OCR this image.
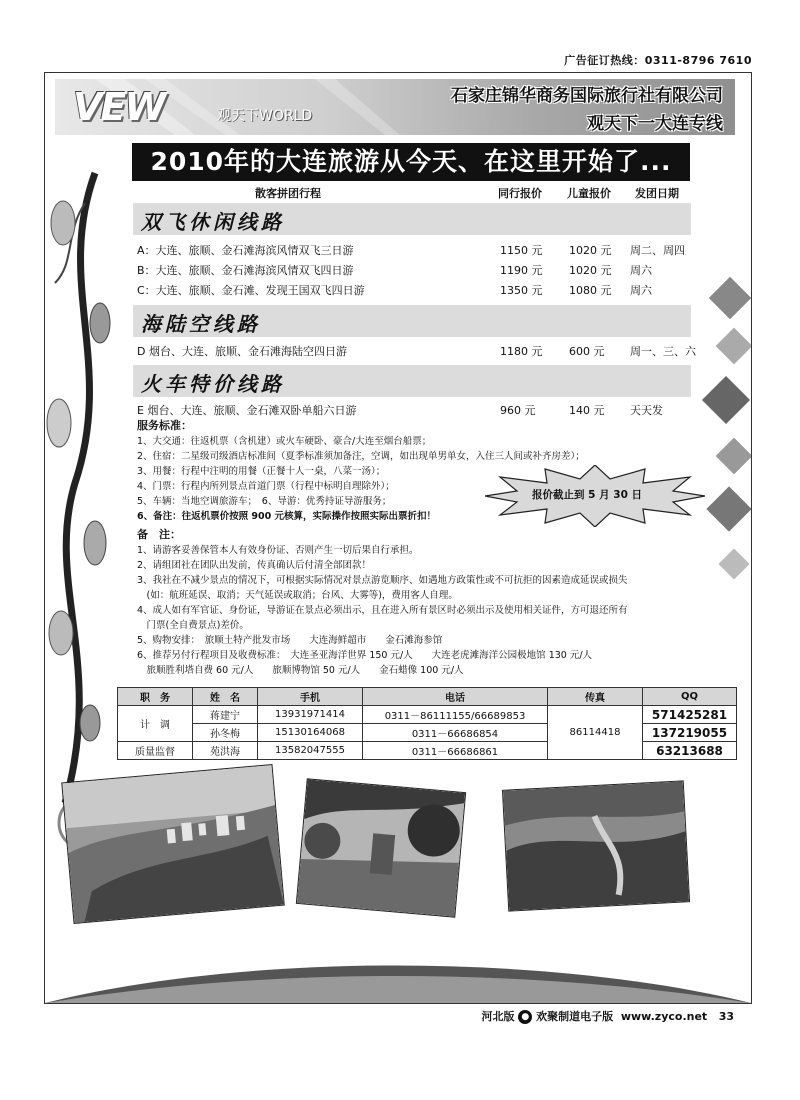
广告征订热线：0311-8796 7610
VEW	观天下WORLD
石家庄锦华商务国际旅行社有限公司
观天下一大连专线
2010年的大连旅游从今天、在这里开始了...
散客拼团行程	同行报价 儿童报价 发团日期
双飞休闲线路
A：大连、旅顺、金石滩海滨风情双飞三日游	1150 元 1020 元 周二、周四
B：大连、旅顺、金石滩海滨风情双飞四日游	1190 元 1020 元 周六
C：大连、旅顺、金石滩、发现王国双飞四日游	1350 元 1080 元 周六
海陆空线路
D 烟台、大连、旅顺、金石滩海陆空四日游	1180 元 600 元 周一、三、六
火车特价线路
E 烟台、大连、旅顺、金石滩双卧单船六日游	960 元	140 元 天天发
服务标准：
1、大交通：往返机票（含机建）或火车硬卧、豪合/大连至烟台船票；
2、住宿：二星级司级酒店标准间（夏季标准须加备注，空调，如出现单男单女，入住三人间或补齐房差）；
3、用餐：行程中注明的用餐（正餐十人一桌，八菜一汤）；
4、门票：行程内所列景点首道门票（行程中标明自理除外）；
5、车辆：当地空调旅游车；　6、导游：优秀持证导游服务；
6、备注：往返机票价按照 900 元核算，实际操作按照实际出票折扣！
报价截止到 5 月 30 日
备　注：
1、请游客妥善保管本人有效身份证、否则产生一切后果自行承担。
2、请组团社在团队出发前，传真确认后付清全部团款！
3、我社在不减少景点的情况下，可根据实际情况对景点游览顺序、如遇地方政策性或不可抗拒的因素造成延误或损失
　(如：航班延误、取消；天气延误或取消；台风、大雾等)，费用客人自理。
4、成人如有军官证、身份证，导游证在景点必须出示，且在进入所有景区时必须出示及使用相关证件，方可退还所有
　门票(全自费景点)差价。
5、购物安排：　旅顺土特产批发市场　　大连海鲜超市　　金石滩海参馆
6、推荐另付行程项目及收费标准：　大连圣亚海洋世界 150 元/人　　大连老虎滩海洋公园极地馆 130 元/人
　旅顺胜利塔自费 60 元/人　　旅顺博物馆 50 元/人　　金石蜡像 100 元/人
职　务	姓　名	手机	电话	传真	QQ
计　调	蒋建宁	13931971414	0311－86111155/66689853	86114418	571425281
	孙冬梅	15130164068	0311－66686854		137219055
质量监督	苑洪海	13582047555	0311－66686861		63213688
河北版 ● 欢聚制道电子版 www.zyco.net 33
